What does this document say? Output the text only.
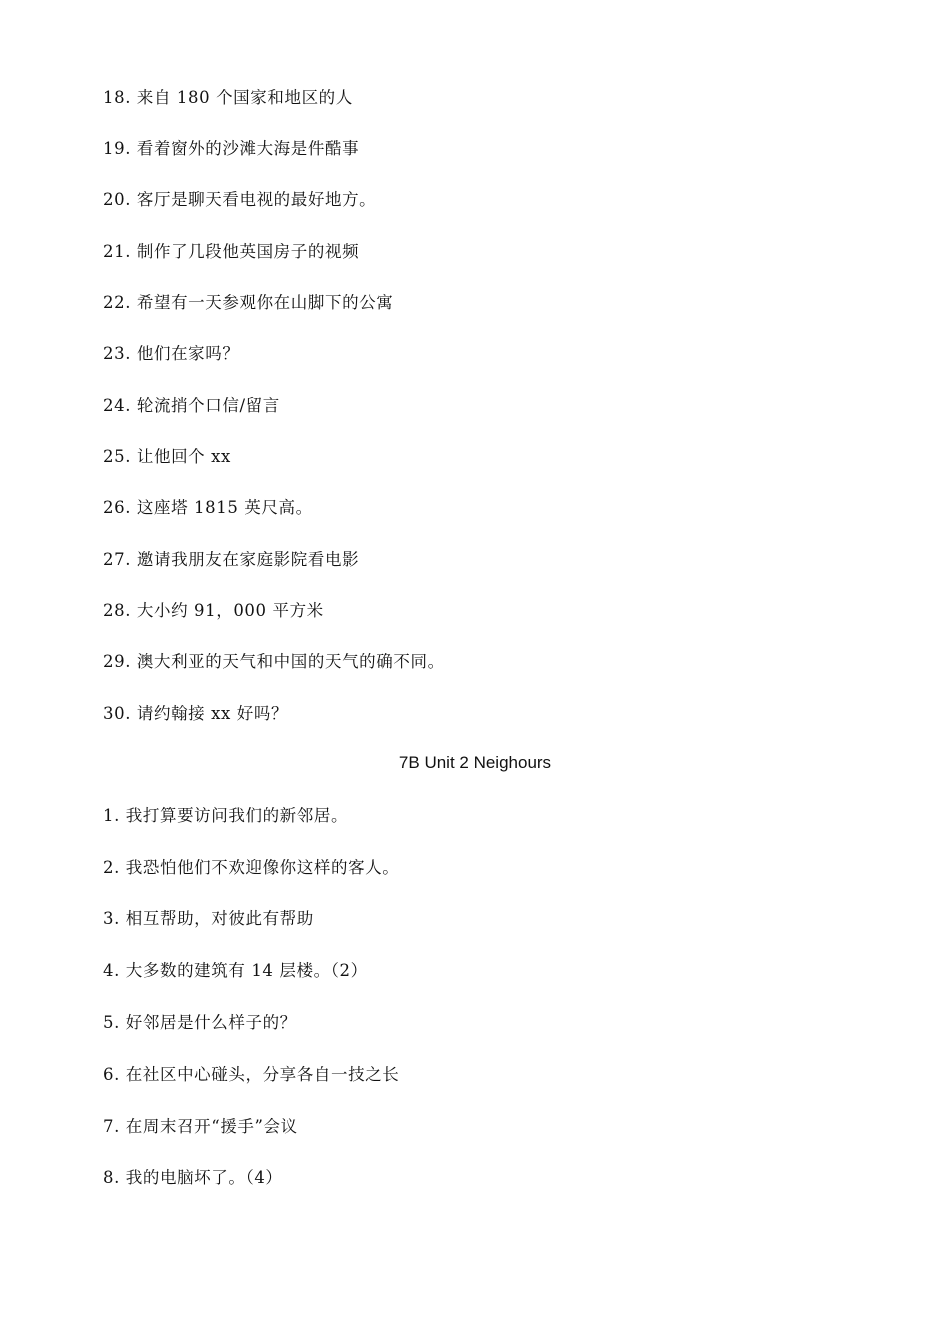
18. 来自 180 个国家和地区的人
19. 看着窗外的沙滩大海是件酷事
20. 客厅是聊天看电视的最好地方。
21. 制作了几段他英国房子的视频
22. 希望有一天参观你在山脚下的公寓
23. 他们在家吗？
24. 轮流捎个口信/留言
25. 让他回个 xx
26. 这座塔 1815 英尺高。
27. 邀请我朋友在家庭影院看电影
28. 大小约 91，000 平方米
29. 澳大利亚的天气和中国的天气的确不同。
30. 请约翰接 xx 好吗？
7B Unit 2 Neighours
1. 我打算要访问我们的新邻居。
2. 我恐怕他们不欢迎像你这样的客人。
3. 相互帮助，对彼此有帮助
4. 大多数的建筑有 14 层楼。（2）
5. 好邻居是什么样子的？
6. 在社区中心碰头，分享各自一技之长
7. 在周末召开“援手”会议
8. 我的电脑坏了。（4）
